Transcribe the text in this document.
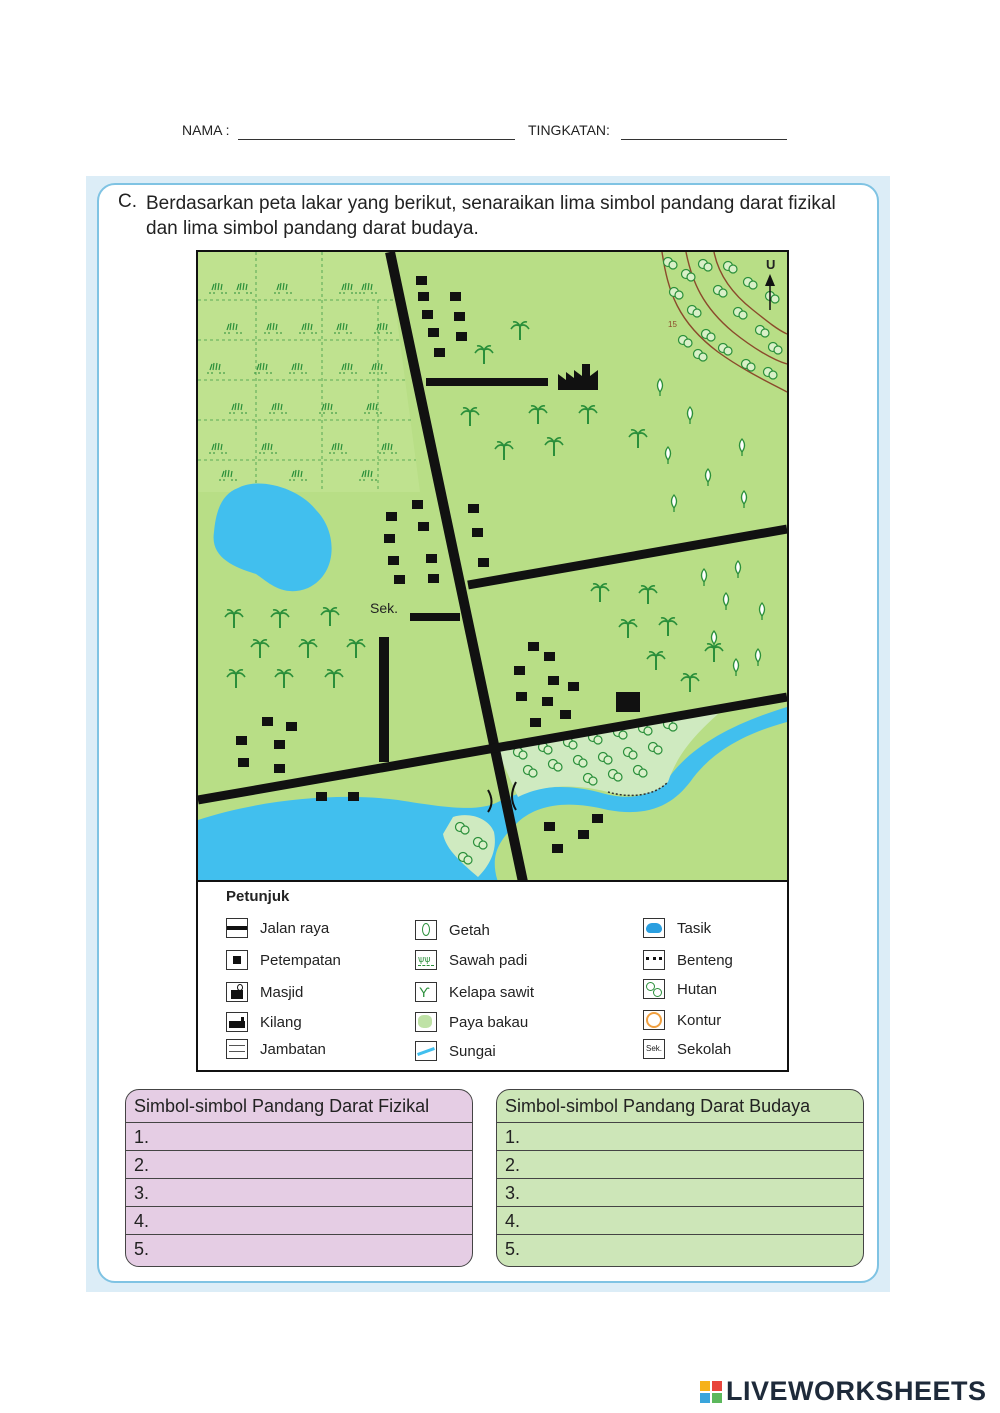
NAMA :	TINGKATAN:
C. Berdasarkan peta lakar yang berikut, senaraikan lima simbol pandang darat fizikal dan lima simbol pandang darat budaya.
Sek.
U
15
Petunjuk
Jalan raya
Petempatan
Masjid
Kilang
Jambatan
Getah
ѱѱ Sawah padi
ϒ Kelapa sawit
Paya bakau
Sungai
Tasik
Benteng
Hutan
Kontur
Sek. Sekolah
Simbol-simbol Pandang Darat Fizikal
1.
2.
3.
4.
5.
Simbol-simbol Pandang Darat Budaya
1.
2.
3.
4.
5.
LIVEWORKSHEETS
